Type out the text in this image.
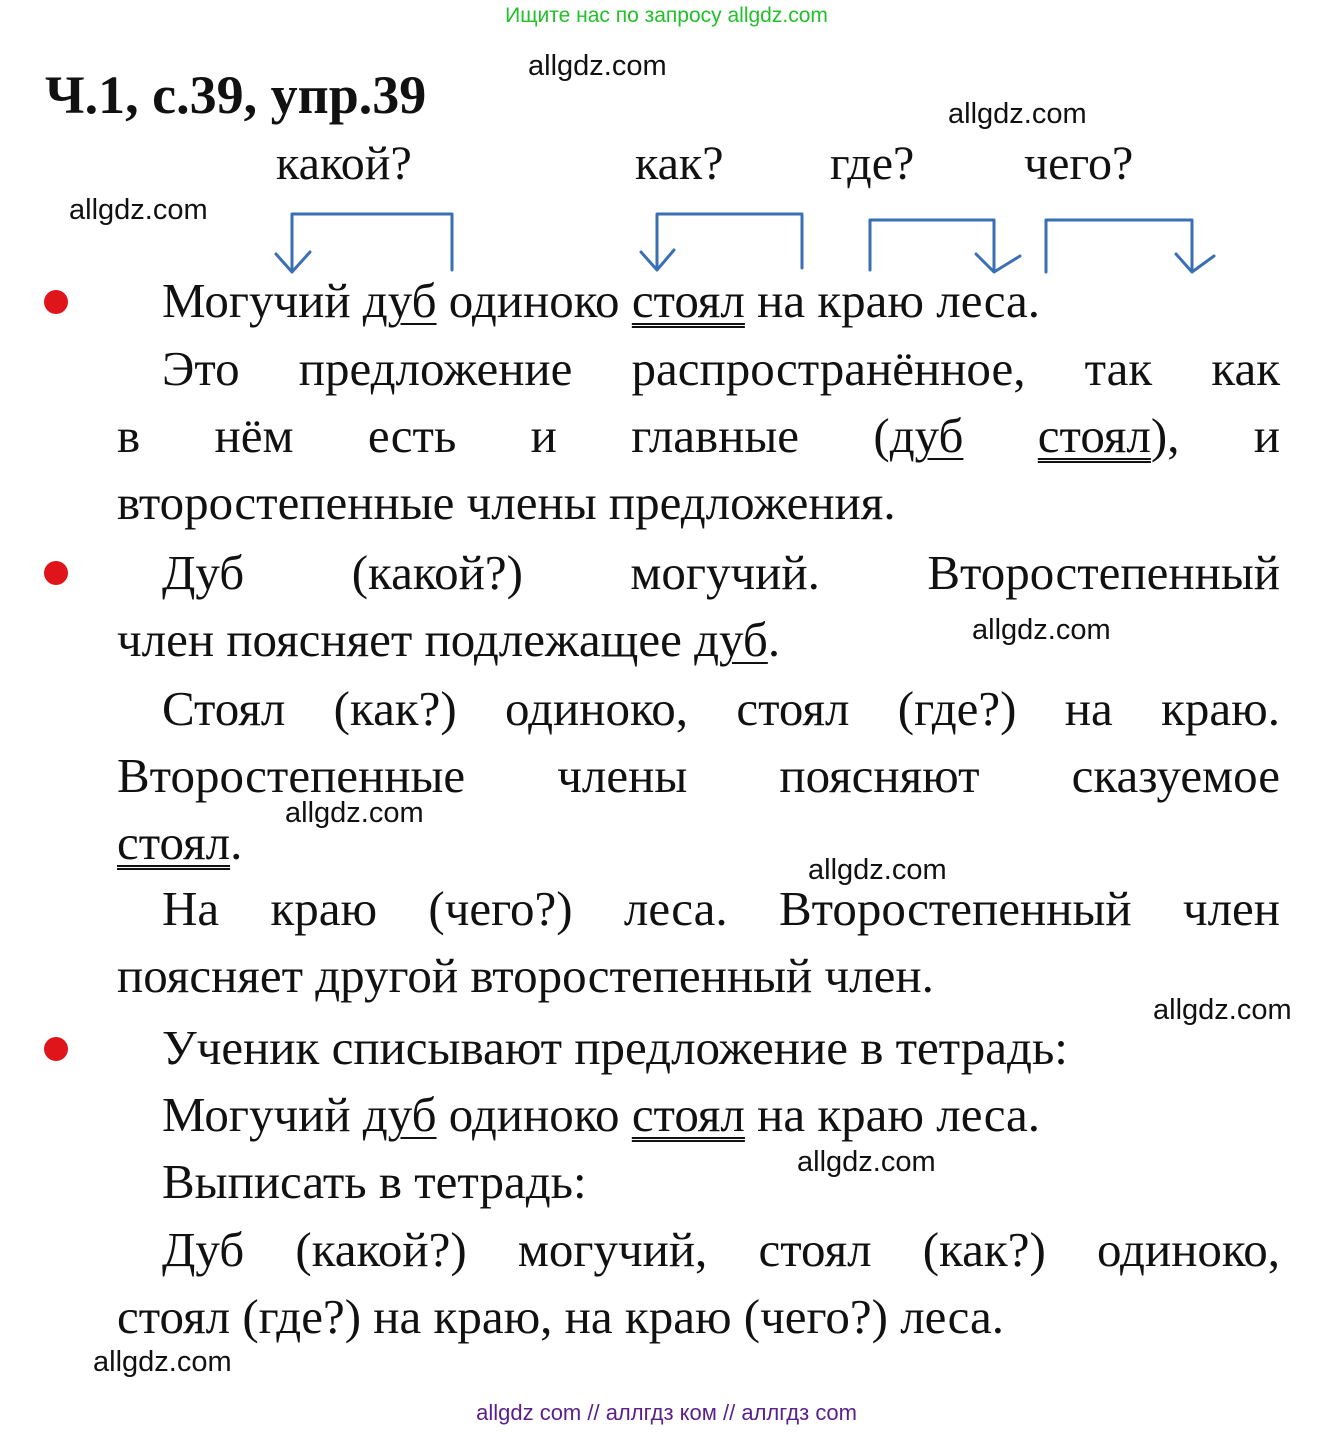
Ищите нас по запросу allgdz.com
Ч.1, с.39, упр.39	allgdz.com
allgdz.com
allgdz.com
allgdz.com
allgdz.com
allgdz.com
allgdz.com
allgdz.com
allgdz.com
какой?	как? где? чего?
Могучий дуб одиноко стоял на краю леса.
Это предложение распространённое, так как
в нём есть и главные (дуб стоял), и
второстепенные члены предложения.
Дуб (какой?) могучий. Второстепенный
член поясняет подлежащее дуб.
Стоял (как?) одиноко, стоял (где?) на краю.
Второстепенные члены поясняют сказуемое
стоял.
На краю (чего?) леса. Второстепенный член
поясняет другой второстепенный член.
Ученик списывают предложение в тетрадь:
Могучий дуб одиноко стоял на краю леса.
Выписать в тетрадь:
Дуб (какой?) могучий, стоял (как?) одиноко,
стоял (где?) на краю, на краю (чего?) леса.
allgdz com // аллгдз ком // аллгдз com
